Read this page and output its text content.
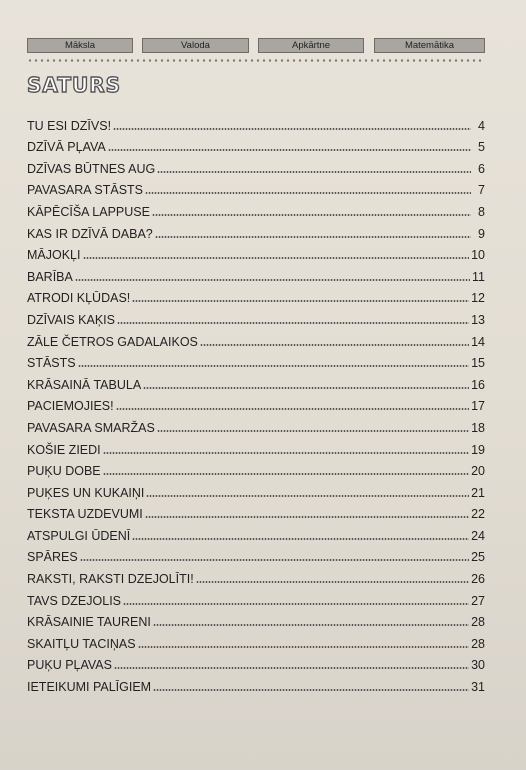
Māksla	Valoda	Apkārtne	Matemātika
SATURS
TU ESI DZĪVS!	4
DZĪVĀ PĻAVA	5
DZĪVAS BŪTNES AUG	6
PAVASARA STĀSTS	7
KĀPĒCĪŠA LAPPUSE	8
KAS IR DZĪVĀ DABA?	9
MĀJOKĻI	10
BARĪBA	11
ATRODI KĻŪDAS!	12
DZĪVAIS KAĶIS	13
ZĀLE ČETROS GADALAIKOS	14
STĀSTS	15
KRĀSAINĀ TABULA	16
PACIEMOJIES!	17
PAVASARA SMARŽAS	18
KOŠIE ZIEDI	19
PUĶU DOBE	20
PUĶES UN KUKAIŅI	21
TEKSTA UZDEVUMI	22
ATSPULGI ŪDENĪ	24
SPĀRES	25
RAKSTI, RAKSTI DZEJOLĪTI!	26
TAVS DZEJOLIS	27
KRĀSAINIE TAURENI	28
SKAITĻU TACIŅAS	28
PUĶU PĻAVAS	30
IETEIKUMI PALĪGIEM	31
